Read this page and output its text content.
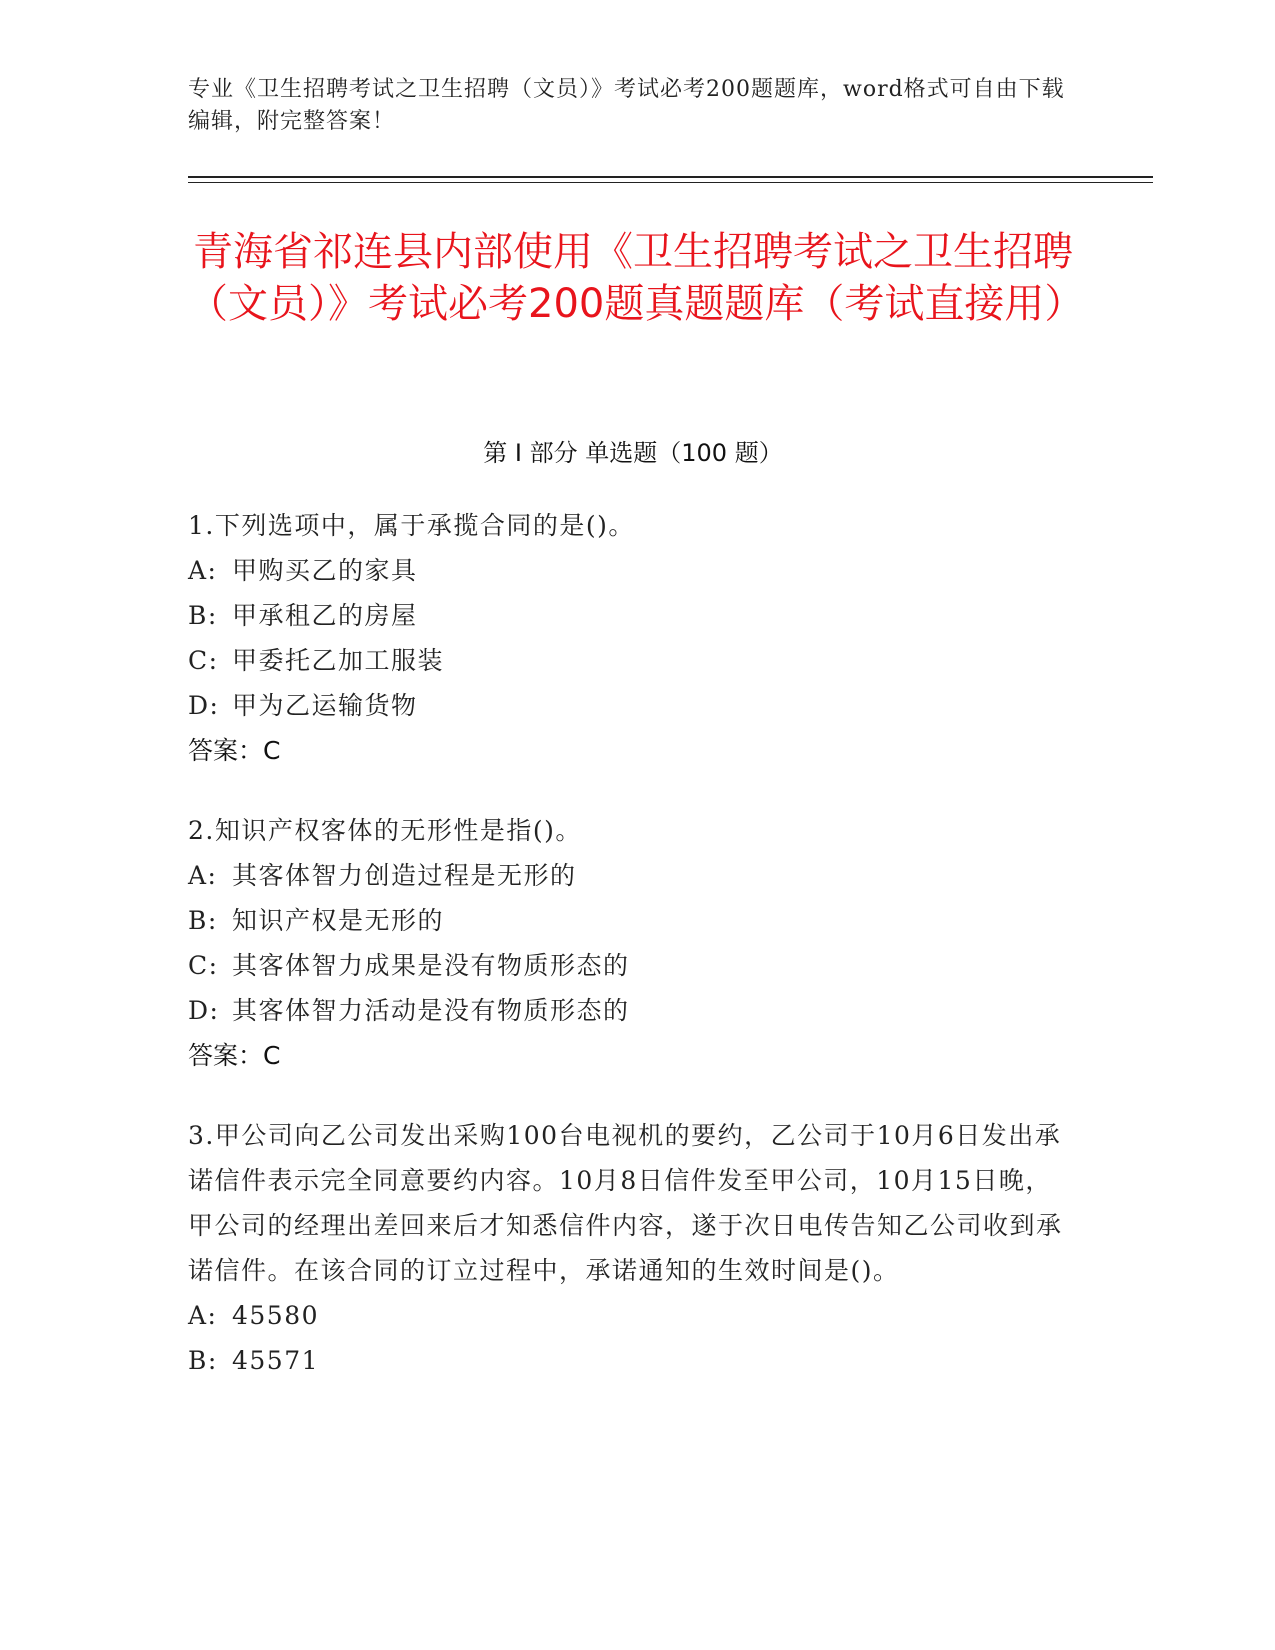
专业《卫生招聘考试之卫生招聘（文员）》考试必考200题题库，word格式可自由下载编辑，附完整答案！
青海省祁连县内部使用《卫生招聘考试之卫生招聘（文员）》考试必考200题真题题库（考试直接用）
第 I 部分 单选题（100 题）
1.下列选项中，属于承揽合同的是()。
A: 甲购买乙的家具
B: 甲承租乙的房屋
C: 甲委托乙加工服装
D: 甲为乙运输货物
答案：C
2.知识产权客体的无形性是指()。
A: 其客体智力创造过程是无形的
B: 知识产权是无形的
C: 其客体智力成果是没有物质形态的
D: 其客体智力活动是没有物质形态的
答案：C
3.甲公司向乙公司发出采购100台电视机的要约，乙公司于10月6日发出承诺信件表示完全同意要约内容。10月8日信件发至甲公司，10月15日晚，甲公司的经理出差回来后才知悉信件内容，遂于次日电传告知乙公司收到承诺信件。在该合同的订立过程中，承诺通知的生效时间是()。
A: 45580
B: 45571
